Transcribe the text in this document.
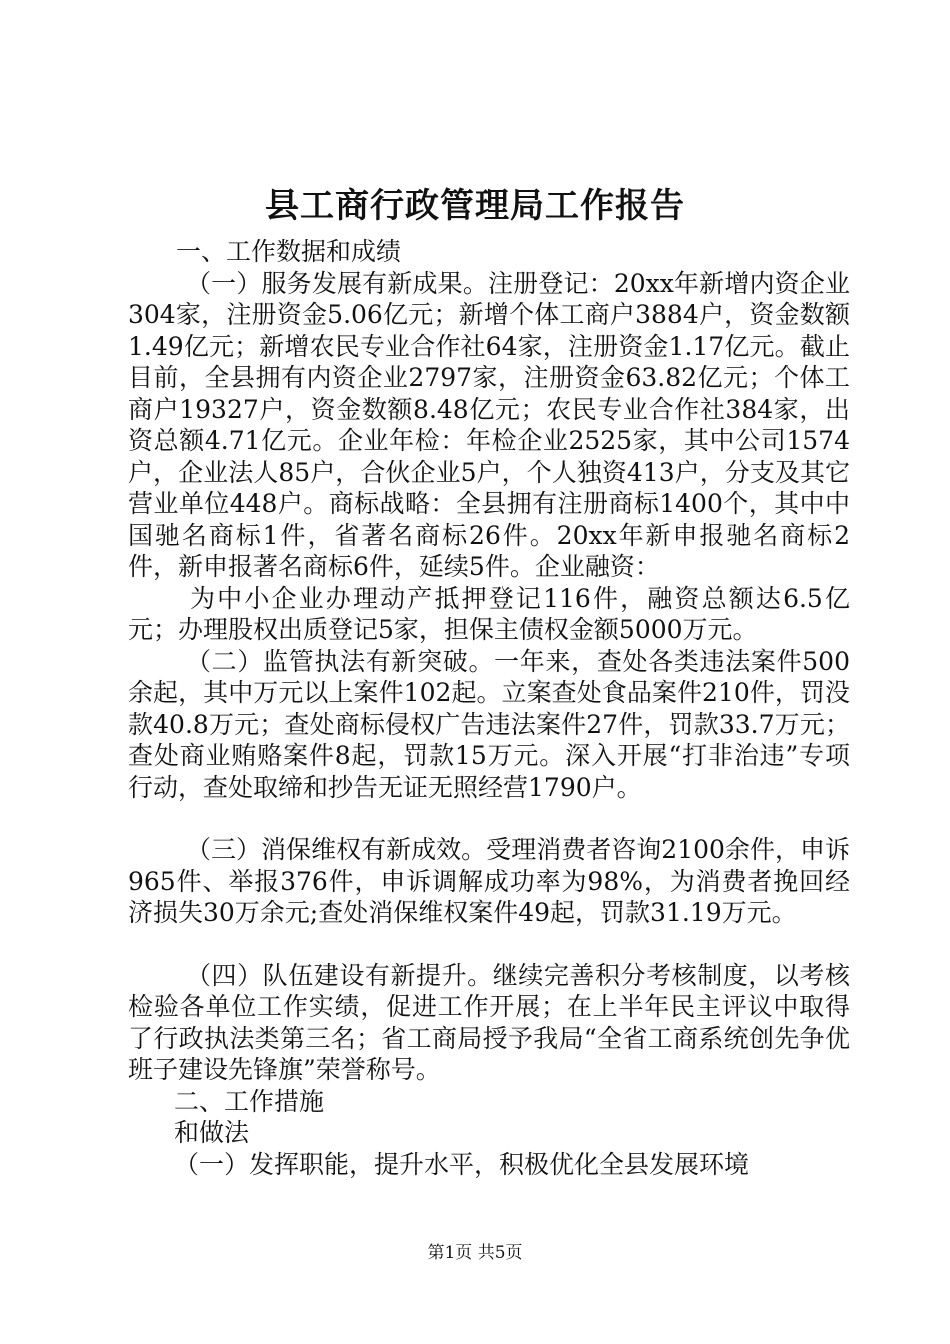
县工商行政管理局工作报告

一、工作数据和成绩

（一）服务发展有新成果。注册登记：20xx年新增内资企业304家，注册资金5.06亿元；新增个体工商户3884户，资金数额1.49亿元；新增农民专业合作社64家，注册资金1.17亿元。截止目前，全县拥有内资企业2797家，注册资金63.82亿元；个体工商户19327户，资金数额8.48亿元；农民专业合作社384家，出资总额4.71亿元。企业年检：年检企业2525家，其中公司1574户，企业法人85户，合伙企业5户，个人独资413户，分支及其它营业单位448户。商标战略：全县拥有注册商标1400个，其中中国驰名商标1件，省著名商标26件。20xx年新申报驰名商标2件，新申报著名商标6件，延续5件。企业融资：

为中小企业办理动产抵押登记116件，融资总额达6.5亿元；办理股权出质登记5家，担保主债权金额5000万元。

（二）监管执法有新突破。一年来，查处各类违法案件500余起，其中万元以上案件102起。立案查处食品案件210件，罚没款40.8万元；查处商标侵权广告违法案件27件，罚款33.7万元；查处商业贿赂案件8起，罚款15万元。深入开展“打非治违”专项行动，查处取缔和抄告无证无照经营1790户。

（三）消保维权有新成效。受理消费者咨询2100余件，申诉965件、举报376件，申诉调解成功率为98%，为消费者挽回经济损失30万余元;查处消保维权案件49起，罚款31.19万元。

（四）队伍建设有新提升。继续完善积分考核制度，以考核检验各单位工作实绩，促进工作开展；在上半年民主评议中取得了行政执法类第三名；省工商局授予我局“全省工商系统创先争优班子建设先锋旗”荣誉称号。

二、工作措施

和做法

（一）发挥职能，提升水平，积极优化全县发展环境

第1页 共5页
